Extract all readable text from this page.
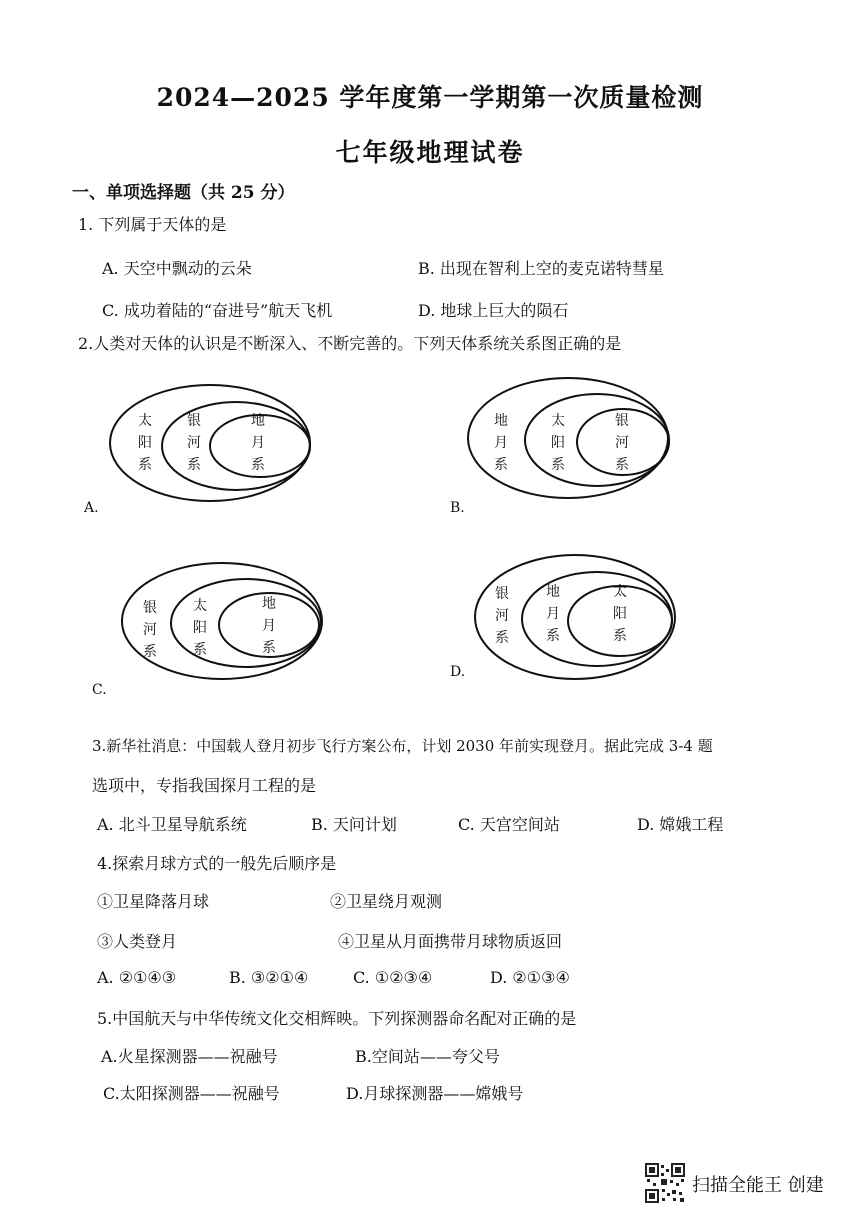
2024—2025 学年度第一学期第一次质量检测
七年级地理试卷
一、单项选择题（共 25 分）
1. 下列属于天体的是
A. 天空中飘动的云朵	B. 出现在智利上空的麦克诺特彗星
C. 成功着陆的“奋进号”航天飞机	D. 地球上巨大的陨石
2.人类对天体的认识是不断深入、不断完善的。下列天体系统关系图正确的是
太
阳
系
银
河
系
地
月
系
A.
地
月
系
太
阳
系
银
河
系
B.
银
河
系
太
阳
系
地
月
系
C.
银
河
系
地
月
系
太
阳
系
D.
3.新华社消息：中国载人登月初步飞行方案公布，计划 2030 年前实现登月。据此完成 3-4 题
选项中，专指我国探月工程的是
A. 北斗卫星导航系统	B. 天问计划	C. 天宫空间站	D. 嫦娥工程
4.探索月球方式的一般先后顺序是
①卫星降落月球	②卫星绕月观测
③人类登月	④卫星从月面携带月球物质返回
A. ②①④③	B. ③②①④	C. ①②③④	D. ②①③④
5.中国航天与中华传统文化交相辉映。下列探测器命名配对正确的是
A.火星探测器——祝融号	B.空间站——夸父号
C.太阳探测器——祝融号	D.月球探测器——嫦娥号
扫描全能王 创建
